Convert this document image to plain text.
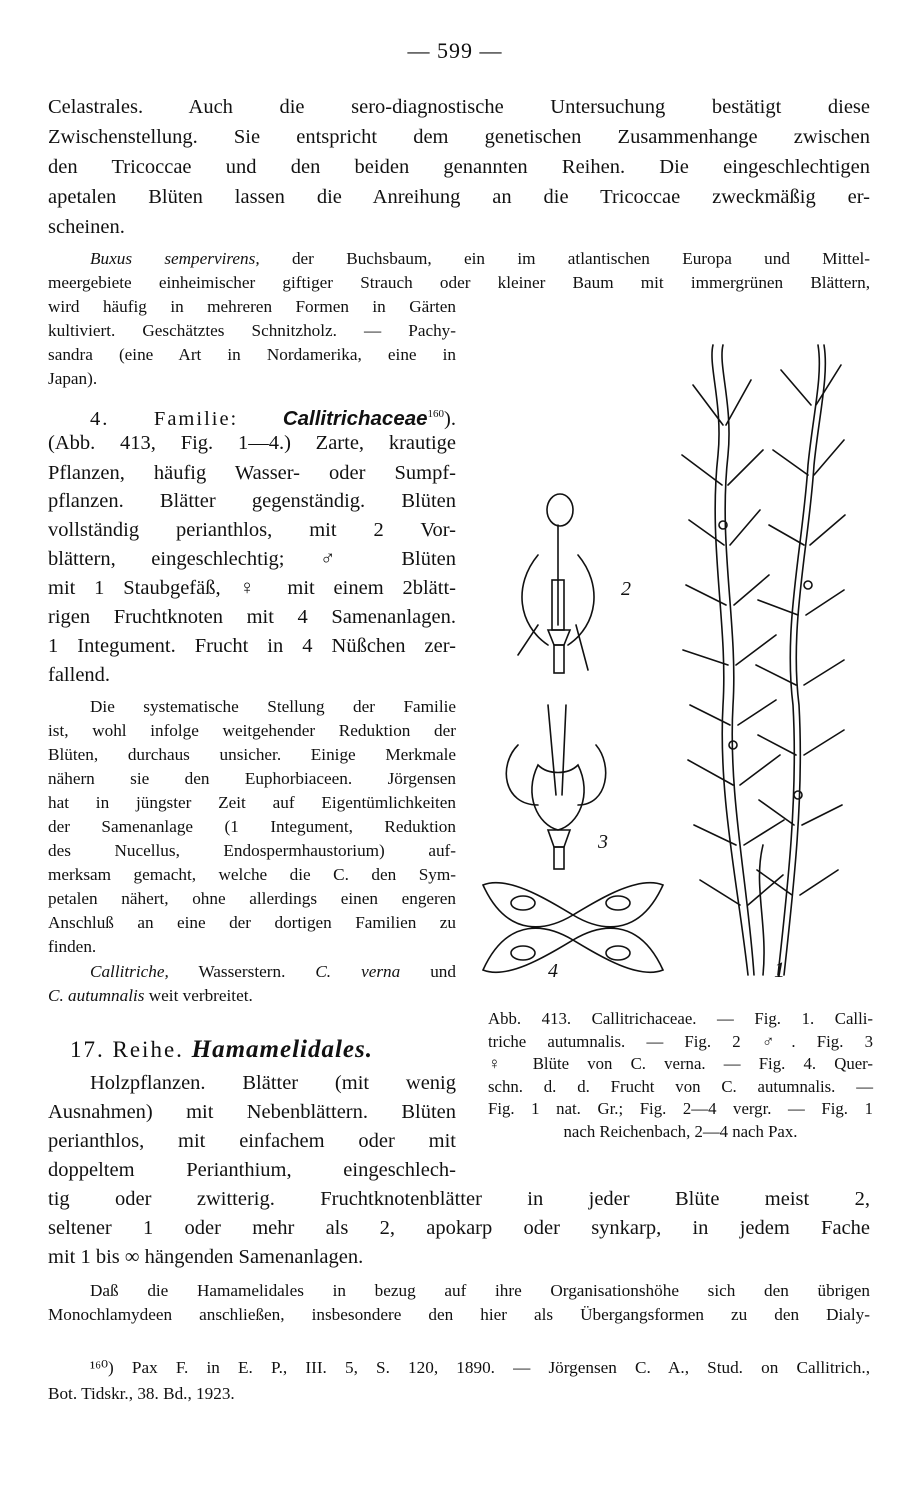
— 599 —
Celastrales. Auch die sero-diagnostische Untersuchung bestätigt diese
Zwischenstellung. Sie entspricht dem genetischen Zusammenhange zwischen
den Tricoccae und den beiden genannten Reihen. Die eingeschlechtigen
apetalen Blüten lassen die Anreihung an die Tricoccae zweckmäßig er-
scheinen.
Buxus sempervirens, der Buchsbaum, ein im atlantischen Europa und Mittel-
meergebiete einheimischer giftiger Strauch oder kleiner Baum mit immergrünen Blättern,
wird häufig in mehreren Formen in Gärten
kultiviert. Geschätztes Schnitzholz. — Pachy-
sandra (eine Art in Nordamerika, eine in
Japan).
4. Familie: Callitrichaceae$^{160}$).
(Abb. 413, Fig. 1—4.) Zarte, krautige
Pflanzen, häufig Wasser- oder Sumpf-
pflanzen. Blätter gegenständig. Blüten
vollständig perianthlos, mit 2 Vor-
blättern, eingeschlechtig; ♂ Blüten
mit 1 Staubgefäß, ♀ mit einem 2blätt-
rigen Fruchtknoten mit 4 Samenanlagen.
1 Integument. Frucht in 4 Nüßchen zer-
fallend.
Die systematische Stellung der Familie
ist, wohl infolge weitgehender Reduktion der
Blüten, durchaus unsicher. Einige Merkmale
nähern sie den Euphorbiaceen. Jörgensen
hat in jüngster Zeit auf Eigentümlichkeiten
der Samenanlage (1 Integument, Reduktion
des Nucellus, Endospermhaustorium) auf-
merksam gemacht, welche die C. den Sym-
petalen nähert, ohne allerdings einen engeren
Anschluß an eine der dortigen Familien zu
finden.
Callitriche, Wasserstern. C. verna und
C. autumnalis weit verbreitet.
17. Reihe. Hamamelidales.
Holzpflanzen. Blätter (mit wenig
Ausnahmen) mit Nebenblättern. Blüten
perianthlos, mit einfachem oder mit
doppeltem Perianthium, eingeschlech-
tig oder zwitterig. Fruchtknotenblätter in jeder Blüte meist 2,
seltener 1 oder mehr als 2, apokarp oder synkarp, in jedem Fache
mit 1 bis ∞ hängenden Samenanlagen.
Daß die Hamamelidales in bezug auf ihre Organisationshöhe sich den übrigen
Monochlamydeen anschließen, insbesondere den hier als Übergangsformen zu den Dialy-
¹⁶⁰) Pax F. in E. P., III. 5, S. 120, 1890. — Jörgensen C. A., Stud. on Callitrich.,
Bot. Tidskr., 38. Bd., 1923.
1
2
3
4
Abb. 413. Callitrichaceae. — Fig. 1. Calli-
triche autumnalis. — Fig. 2 ♂. Fig. 3
♀ Blüte von C. verna. — Fig. 4. Quer-
schn. d. d. Frucht von C. autumnalis. —
Fig. 1 nat. Gr.; Fig. 2—4 vergr. — Fig. 1
nach Reichenbach, 2—4 nach Pax.
